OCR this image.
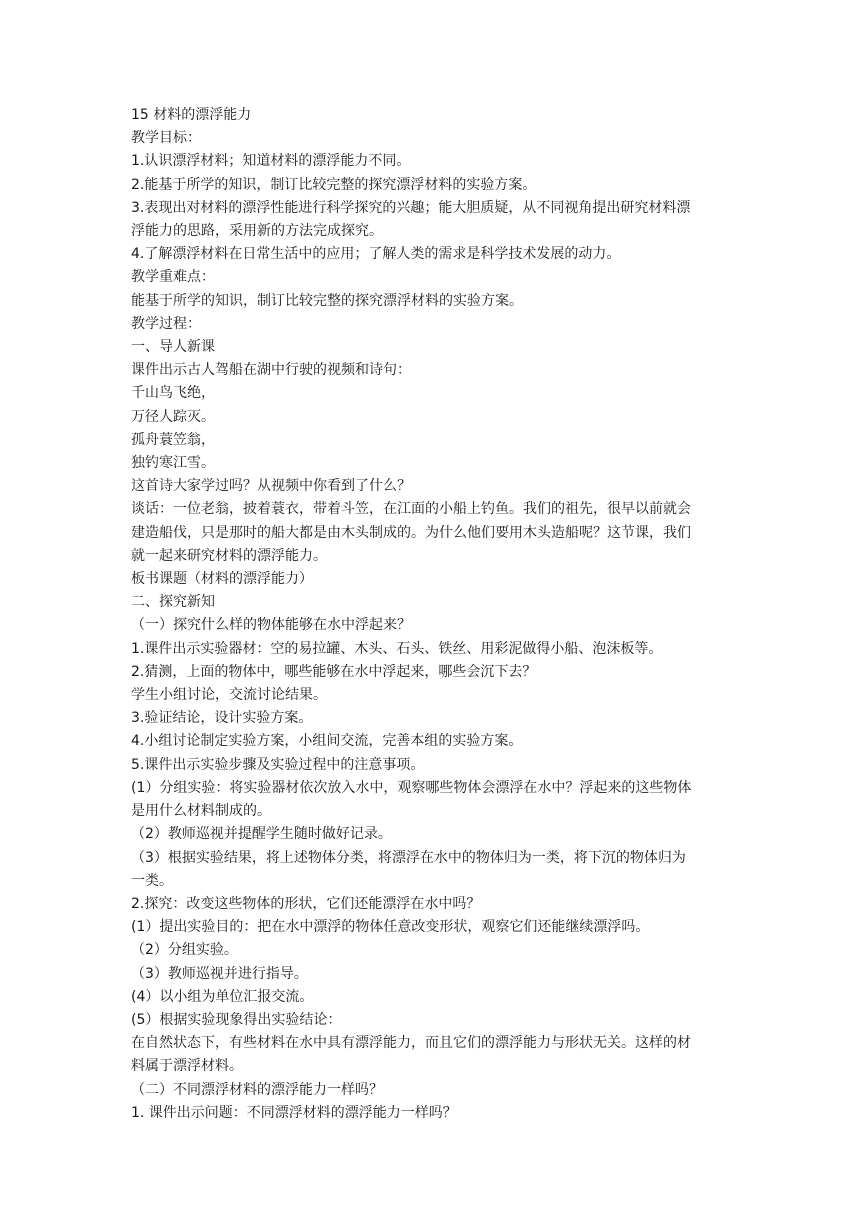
15 材料的漂浮能力
教学目标：
1.认识漂浮材料；知道材料的漂浮能力不同。
2.能基于所学的知识，制订比较完整的探究漂浮材料的实验方案。
3.表现出对材料的漂浮性能进行科学探究的兴趣；能大胆质疑，从不同视角提出研究材料漂
浮能力的思路，采用新的方法完成探究。
4.了解漂浮材料在日常生活中的应用；了解人类的需求是科学技术发展的动力。
教学重难点：
能基于所学的知识，制订比较完整的探究漂浮材料的实验方案。
教学过程：
一、导人新课
课件出示古人驾船在湖中行驶的视频和诗句：
千山鸟飞绝，
万径人踪灭。
孤舟蓑笠翁，
独钓寒江雪。
这首诗大家学过吗？从视频中你看到了什么？
谈话：一位老翁，披着蓑衣，带着斗笠，在江面的小船上钓鱼。我们的祖先，很早以前就会
建造船伐，只是那时的船大都是由木头制成的。为什么他们要用木头造船呢？这节课，我们
就一起来研究材料的漂浮能力。
板书课题（材料的漂浮能力）
二、探究新知
（一）探究什么样的物体能够在水中浮起来？
1.课件出示实验器材：空的易拉罐、木头、石头、铁丝、用彩泥做得小船、泡沫板等。
2.猜测，上面的物体中，哪些能够在水中浮起来，哪些会沉下去？
学生小组讨论，交流讨论结果。
3.验证结论，设计实验方案。
4.小组讨论制定实验方案，小组间交流，完善本组的实验方案。
5.课件出示实验步骤及实验过程中的注意事项。
(1）分组实验：将实验器材依次放入水中，观察哪些物体会漂浮在水中？浮起来的这些物体
是用什么材料制成的。
（2）教师巡视并提醒学生随时做好记录。
（3）根据实验结果，将上述物体分类，将漂浮在水中的物体归为一类，将下沉的物体归为
一类。
2.探究：改变这些物体的形状，它们还能漂浮在水中吗？
(1）提出实验目的：把在水中漂浮的物体任意改变形状，观察它们还能继续漂浮吗。
（2）分组实验。
（3）教师巡视并进行指导。
(4）以小组为单位汇报交流。
(5）根据实验现象得出实验结论：
在自然状态下，有些材料在水中具有漂浮能力，而且它们的漂浮能力与形状无关。这样的材
料属于漂浮材料。
（二）不同漂浮材料的漂浮能力一样吗？
1. 课件出示问题：不同漂浮材料的漂浮能力一样吗？
